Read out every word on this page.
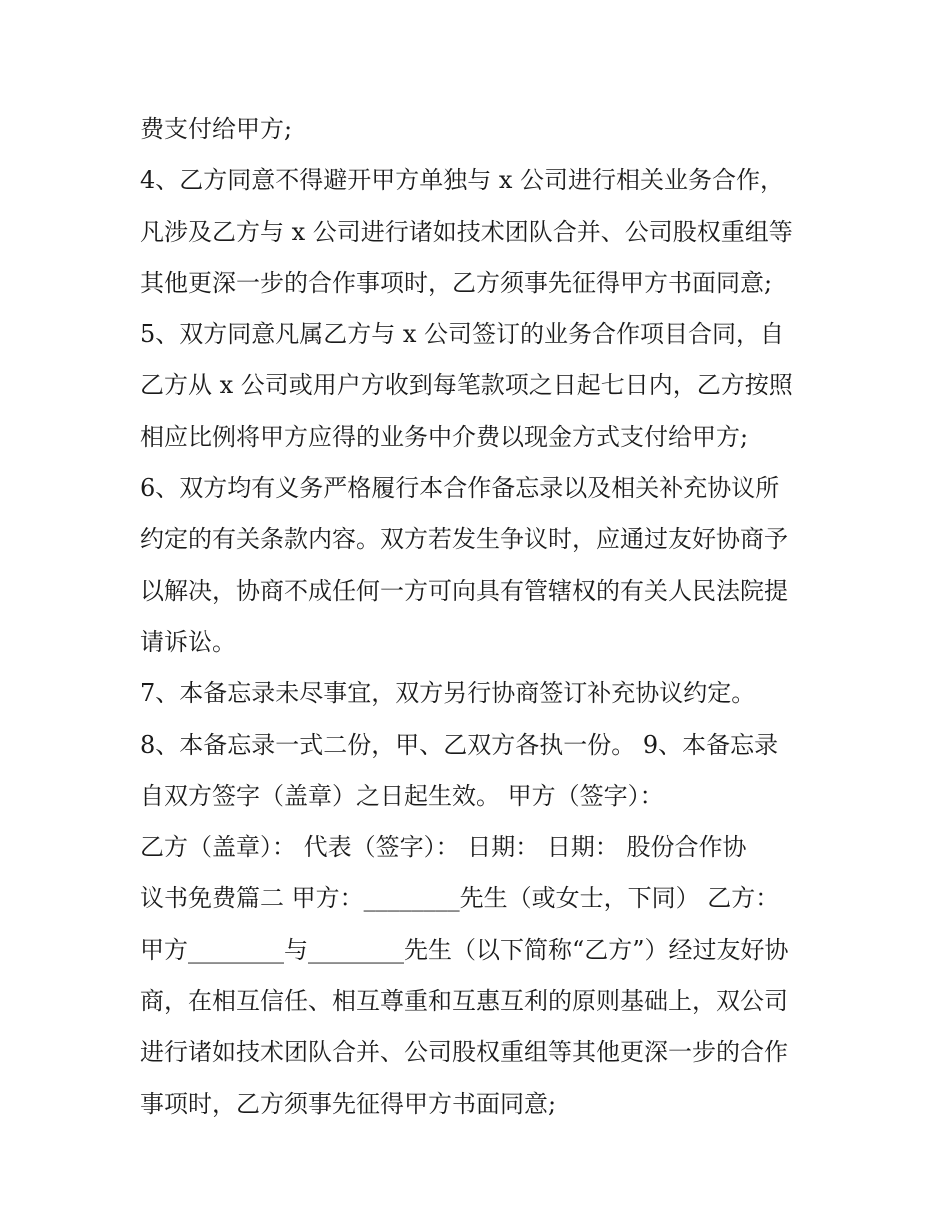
费支付给甲方;
4、乙方同意不得避开甲方单独与 x 公司进行相关业务合作，
凡涉及乙方与 x 公司进行诸如技术团队合并、公司股权重组等
其他更深一步的合作事项时，乙方须事先征得甲方书面同意;
5、双方同意凡属乙方与 x 公司签订的业务合作项目合同，自
乙方从 x 公司或用户方收到每笔款项之日起七日内，乙方按照
相应比例将甲方应得的业务中介费以现金方式支付给甲方;
6、双方均有义务严格履行本合作备忘录以及相关补充协议所
约定的有关条款内容。双方若发生争议时，应通过友好协商予
以解决，协商不成任何一方可向具有管辖权的有关人民法院提
请诉讼。
7、本备忘录未尽事宜，双方另行协商签订补充协议约定。
8、本备忘录一式二份，甲、乙双方各执一份。 9、本备忘录
自双方签字（盖章）之日起生效。 甲方（签字）：
乙方（盖章）： 代表（签字）： 日期： 日期： 股份合作协
议书免费篇二 甲方：________先生（或女士，下同） 乙方：
甲方________与________先生（以下简称“乙方”）经过友好协
商，在相互信任、相互尊重和互惠互利的原则基础上，双公司
进行诸如技术团队合并、公司股权重组等其他更深一步的合作
事项时，乙方须事先征得甲方书面同意;
